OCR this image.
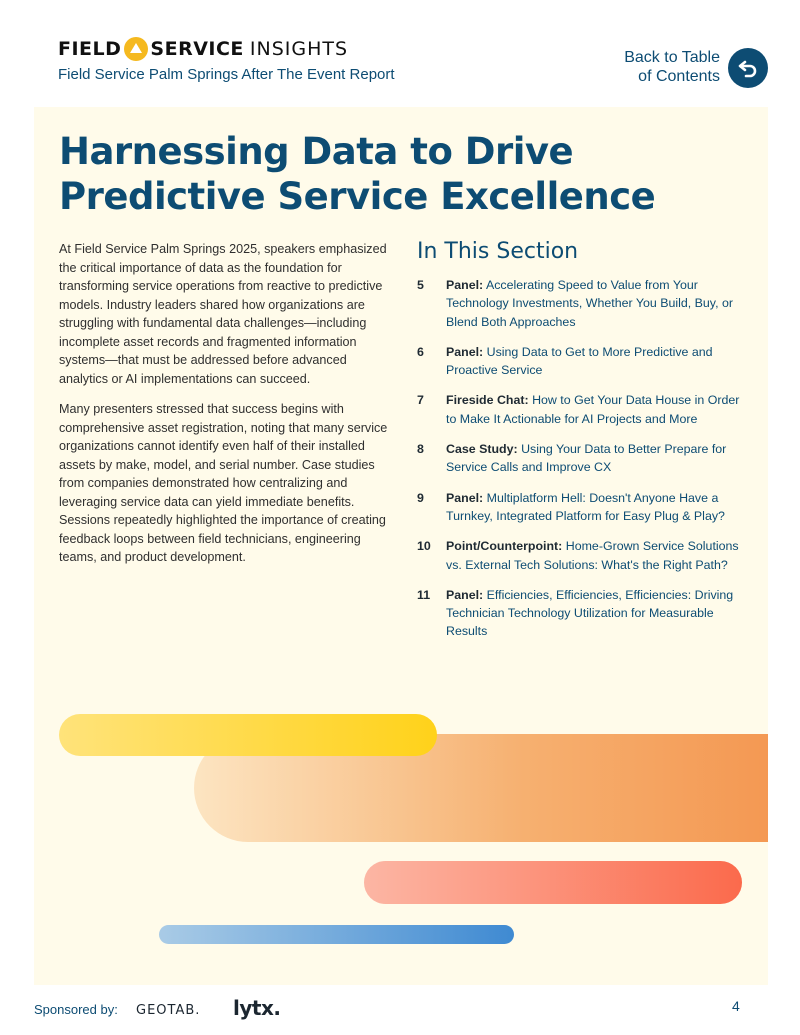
FIELD SERVICE INSIGHTS
Field Service Palm Springs After The Event Report
Back to Table
of Contents
Harnessing Data to Drive
Predictive Service Excellence

At Field Service Palm Springs 2025, speakers emphasized the critical importance of data as the foundation for transforming service operations from reactive to predictive models. Industry leaders shared how organizations are struggling with fundamental data challenges—including incomplete asset records and fragmented information systems—that must be addressed before advanced analytics or AI implementations can succeed.

Many presenters stressed that success begins with comprehensive asset registration, noting that many service organizations cannot identify even half of their installed assets by make, model, and serial number. Case studies from companies demonstrated how centralizing and leveraging service data can yield immediate benefits. Sessions repeatedly highlighted the importance of creating feedback loops between field technicians, engineering teams, and product development.

In This Section
5	Panel: Accelerating Speed to Value from Your Technology Investments, Whether You Build, Buy, or Blend Both Approaches
6	Panel: Using Data to Get to More Predictive and Proactive Service
7	Fireside Chat: How to Get Your Data House in Order to Make It Actionable for AI Projects and More
8	Case Study: Using Your Data to Better Prepare for Service Calls and Improve CX
9	Panel: Multiplatform Hell: Doesn't Anyone Have a Turnkey, Integrated Platform for Easy Plug & Play?
10	Point/Counterpoint: Home-Grown Service Solutions vs. External Tech Solutions: What's the Right Path?
11	Panel: Efficiencies, Efficiencies, Efficiencies: Driving Technician Technology Utilization for Measurable Results
Sponsored by: GEOTAB. lytx.	4
